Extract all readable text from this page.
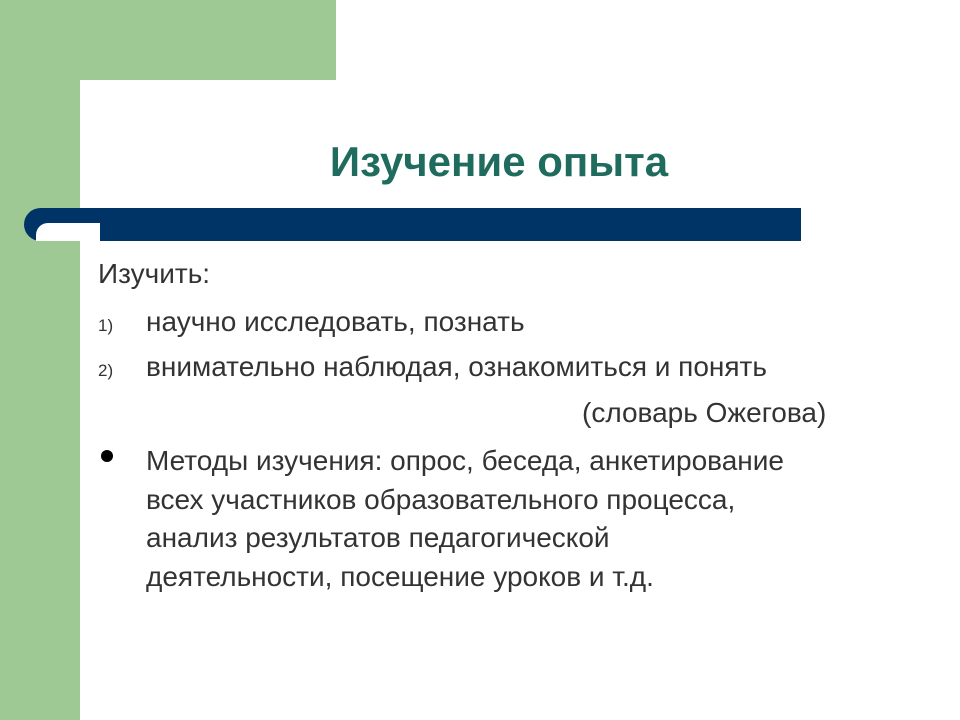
Изучение опыта
Изучить:
1) научно исследовать, познать
2) внимательно наблюдая, ознакомиться и понять
(словарь Ожегова)
Методы изучения: опрос, беседа, анкетирование
всех участников образовательного процесса,
анализ результатов педагогической
деятельности, посещение уроков и т.д.
